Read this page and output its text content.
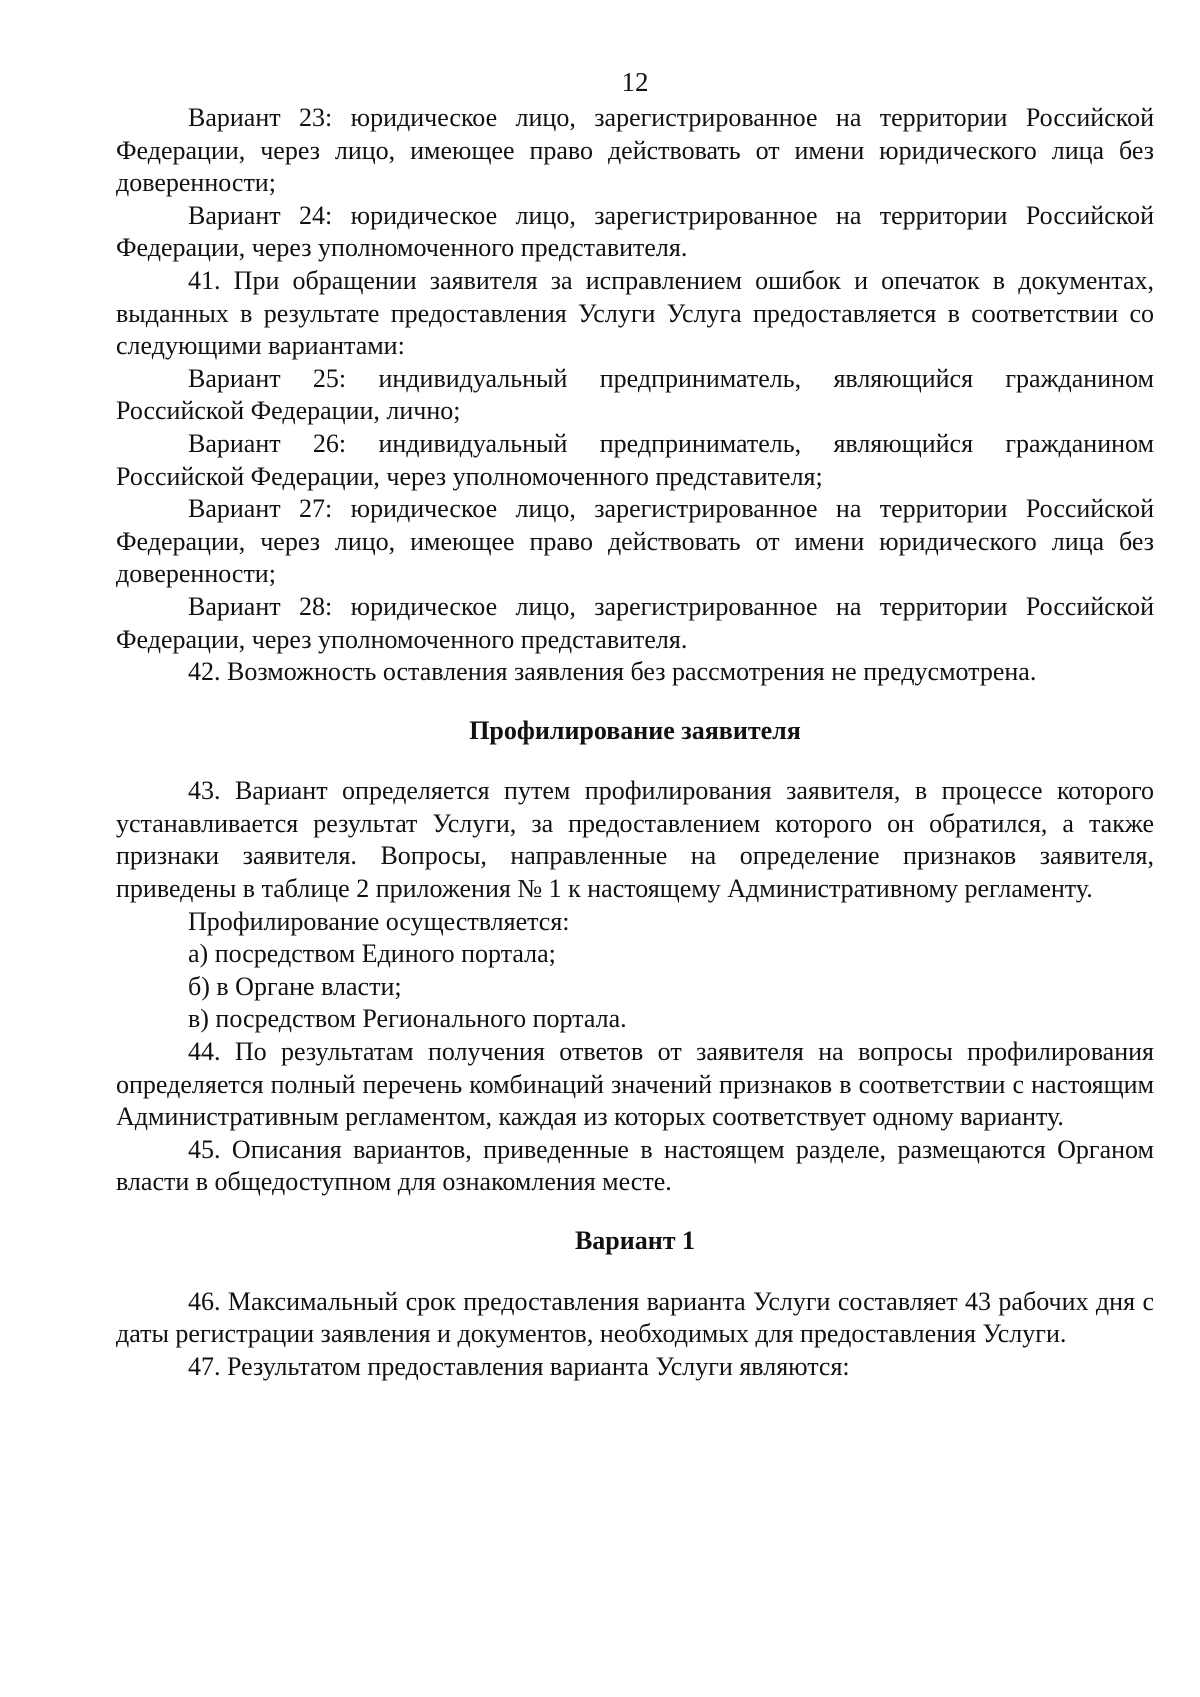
12

Вариант 23: юридическое лицо, зарегистрированное на территории Российской Федерации, через лицо, имеющее право действовать от имени юридического лица без доверенности;

Вариант 24: юридическое лицо, зарегистрированное на территории Российской Федерации, через уполномоченного представителя.

41. При обращении заявителя за исправлением ошибок и опечаток в документах, выданных в результате предоставления Услуги Услуга предоставляется в соответствии со следующими вариантами:

Вариант 25: индивидуальный предприниматель, являющийся гражданином Российской Федерации, лично;

Вариант 26: индивидуальный предприниматель, являющийся гражданином Российской Федерации, через уполномоченного представителя;

Вариант 27: юридическое лицо, зарегистрированное на территории Российской Федерации, через лицо, имеющее право действовать от имени юридического лица без доверенности;

Вариант 28: юридическое лицо, зарегистрированное на территории Российской Федерации, через уполномоченного представителя.

42. Возможность оставления заявления без рассмотрения не предусмотрена.

Профилирование заявителя

43. Вариант определяется путем профилирования заявителя, в процессе которого устанавливается результат Услуги, за предоставлением которого он обратился, а также признаки заявителя. Вопросы, направленные на определение признаков заявителя, приведены в таблице 2 приложения № 1 к настоящему Административному регламенту.

Профилирование осуществляется:

а) посредством Единого портала;

б) в Органе власти;

в) посредством Регионального портала.

44. По результатам получения ответов от заявителя на вопросы профилирования определяется полный перечень комбинаций значений признаков в соответствии с настоящим Административным регламентом, каждая из которых соответствует одному варианту.

45. Описания вариантов, приведенные в настоящем разделе, размещаются Органом власти в общедоступном для ознакомления месте.

Вариант 1

46. Максимальный срок предоставления варианта Услуги составляет 43 рабочих дня с даты регистрации заявления и документов, необходимых для предоставления Услуги.

47. Результатом предоставления варианта Услуги являются:
